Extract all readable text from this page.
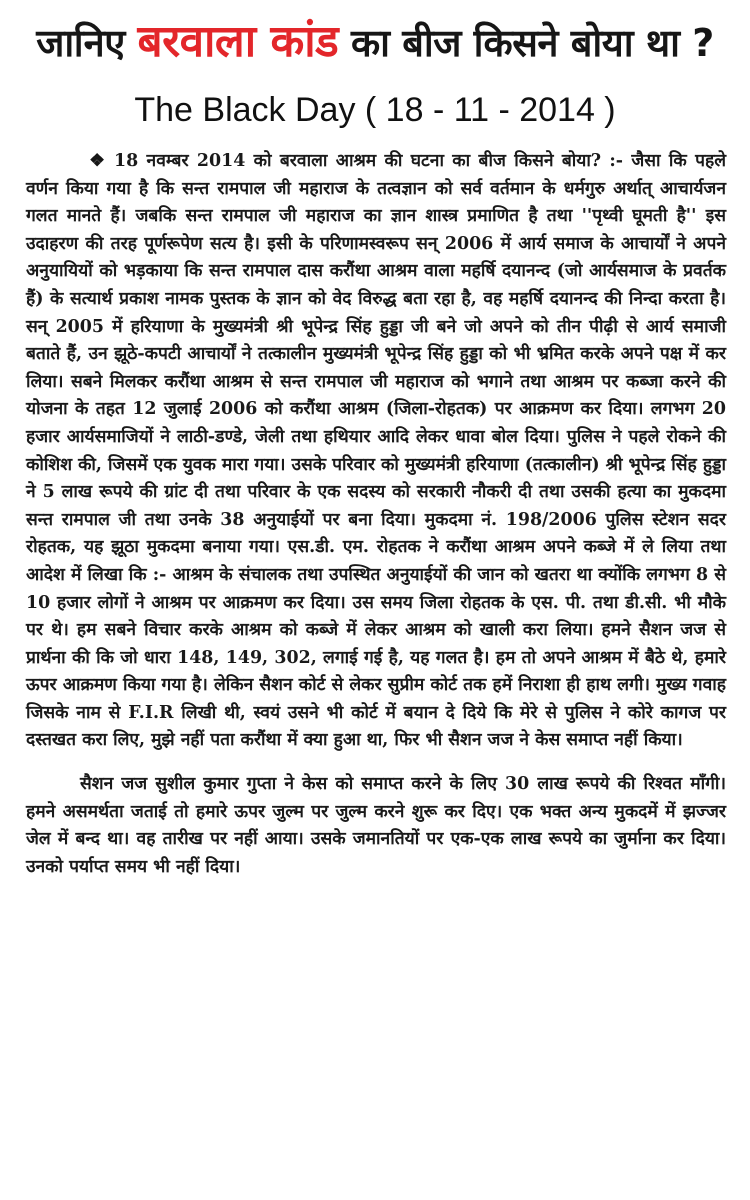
जानिए बरवाला कांड का बीज किसने बोया था ?
The Black Day ( 18 - 11 - 2014 )

❖ 18 नवम्बर 2014 को बरवाला आश्रम की घटना का बीज किसने बोया? :- जैसा कि पहले वर्णन किया गया है कि सन्त रामपाल जी महाराज के तत्वज्ञान को सर्व वर्तमान के धर्मगुरु अर्थात् आचार्यजन गलत मानते हैं। जबकि सन्त रामपाल जी महाराज का ज्ञान शास्त्र प्रमाणित है तथा ''पृथ्वी घूमती है'' इस उदाहरण की तरह पूर्णरूपेण सत्य है। इसी के परिणामस्वरूप सन् 2006 में आर्य समाज के आचार्यों ने अपने अनुयायियों को भड़काया कि सन्त रामपाल दास करौंथा आश्रम वाला महर्षि दयानन्द (जो आर्यसमाज के प्रवर्तक हैं) के सत्यार्थ प्रकाश नामक पुस्तक के ज्ञान को वेद विरुद्ध बता रहा है, वह महर्षि दयानन्द की निन्दा करता है। सन् 2005 में हरियाणा के मुख्यमंत्री श्री भूपेन्द्र सिंह हुड्डा जी बने जो अपने को तीन पीढ़ी से आर्य समाजी बताते हैं, उन झूठे-कपटी आचार्यों ने तत्कालीन मुख्यमंत्री भूपेन्द्र सिंह हुड्डा को भी भ्रमित करके अपने पक्ष में कर लिया। सबने मिलकर करौंथा आश्रम से सन्त रामपाल जी महाराज को भगाने तथा आश्रम पर कब्जा करने की योजना के तहत 12 जुलाई 2006 को करौंथा आश्रम (जिला-रोहतक) पर आक्रमण कर दिया। लगभग 20 हजार आर्यसमाजियों ने लाठी-डण्डे, जेली तथा हथियार आदि लेकर धावा बोल दिया। पुलिस ने पहले रोकने की कोशिश की, जिसमें एक युवक मारा गया। उसके परिवार को मुख्यमंत्री हरियाणा (तत्कालीन) श्री भूपेन्द्र सिंह हुड्डा ने 5 लाख रूपये की ग्रांट दी तथा परिवार के एक सदस्य को सरकारी नौकरी दी तथा उसकी हत्या का मुकदमा सन्त रामपाल जी तथा उनके 38 अनुयाईयों पर बना दिया। मुकदमा नं. 198/2006 पुलिस स्टेशन सदर रोहतक, यह झूठा मुकदमा बनाया गया। एस.डी. एम. रोहतक ने करौंथा आश्रम अपने कब्जे में ले लिया तथा आदेश में लिखा कि :- आश्रम के संचालक तथा उपस्थित अनुयाईयों की जान को खतरा था क्योंकि लगभग 8 से 10 हजार लोगों ने आश्रम पर आक्रमण कर दिया। उस समय जिला रोहतक के एस. पी. तथा डी.सी. भी मौके पर थे। हम सबने विचार करके आश्रम को कब्जे में लेकर आश्रम को खाली करा लिया। हमने सैशन जज से प्रार्थना की कि जो धारा 148, 149, 302, लगाई गई है, यह गलत है। हम तो अपने आश्रम में बैठे थे, हमारे ऊपर आक्रमण किया गया है। लेकिन सैशन कोर्ट से लेकर सुप्रीम कोर्ट तक हमें निराशा ही हाथ लगी। मुख्य गवाह जिसके नाम से F.I.R लिखी थी, स्वयं उसने भी कोर्ट में बयान दे दिये कि मेरे से पुलिस ने कोरे कागज पर दस्तखत करा लिए, मुझे नहीं पता करौंथा में क्या हुआ था, फिर भी सैशन जज ने केस समाप्त नहीं किया।

सैशन जज सुशील कुमार गुप्ता ने केस को समाप्त करने के लिए 30 लाख रूपये की रिश्वत माँगी। हमने असमर्थता जताई तो हमारे ऊपर जुल्म पर जुल्म करने शुरू कर दिए। एक भक्त अन्य मुकदमें में झज्जर जेल में बन्द था। वह तारीख पर नहीं आया। उसके जमानतियों पर एक-एक लाख रूपये का जुर्माना कर दिया। उनको पर्याप्त समय भी नहीं दिया।
